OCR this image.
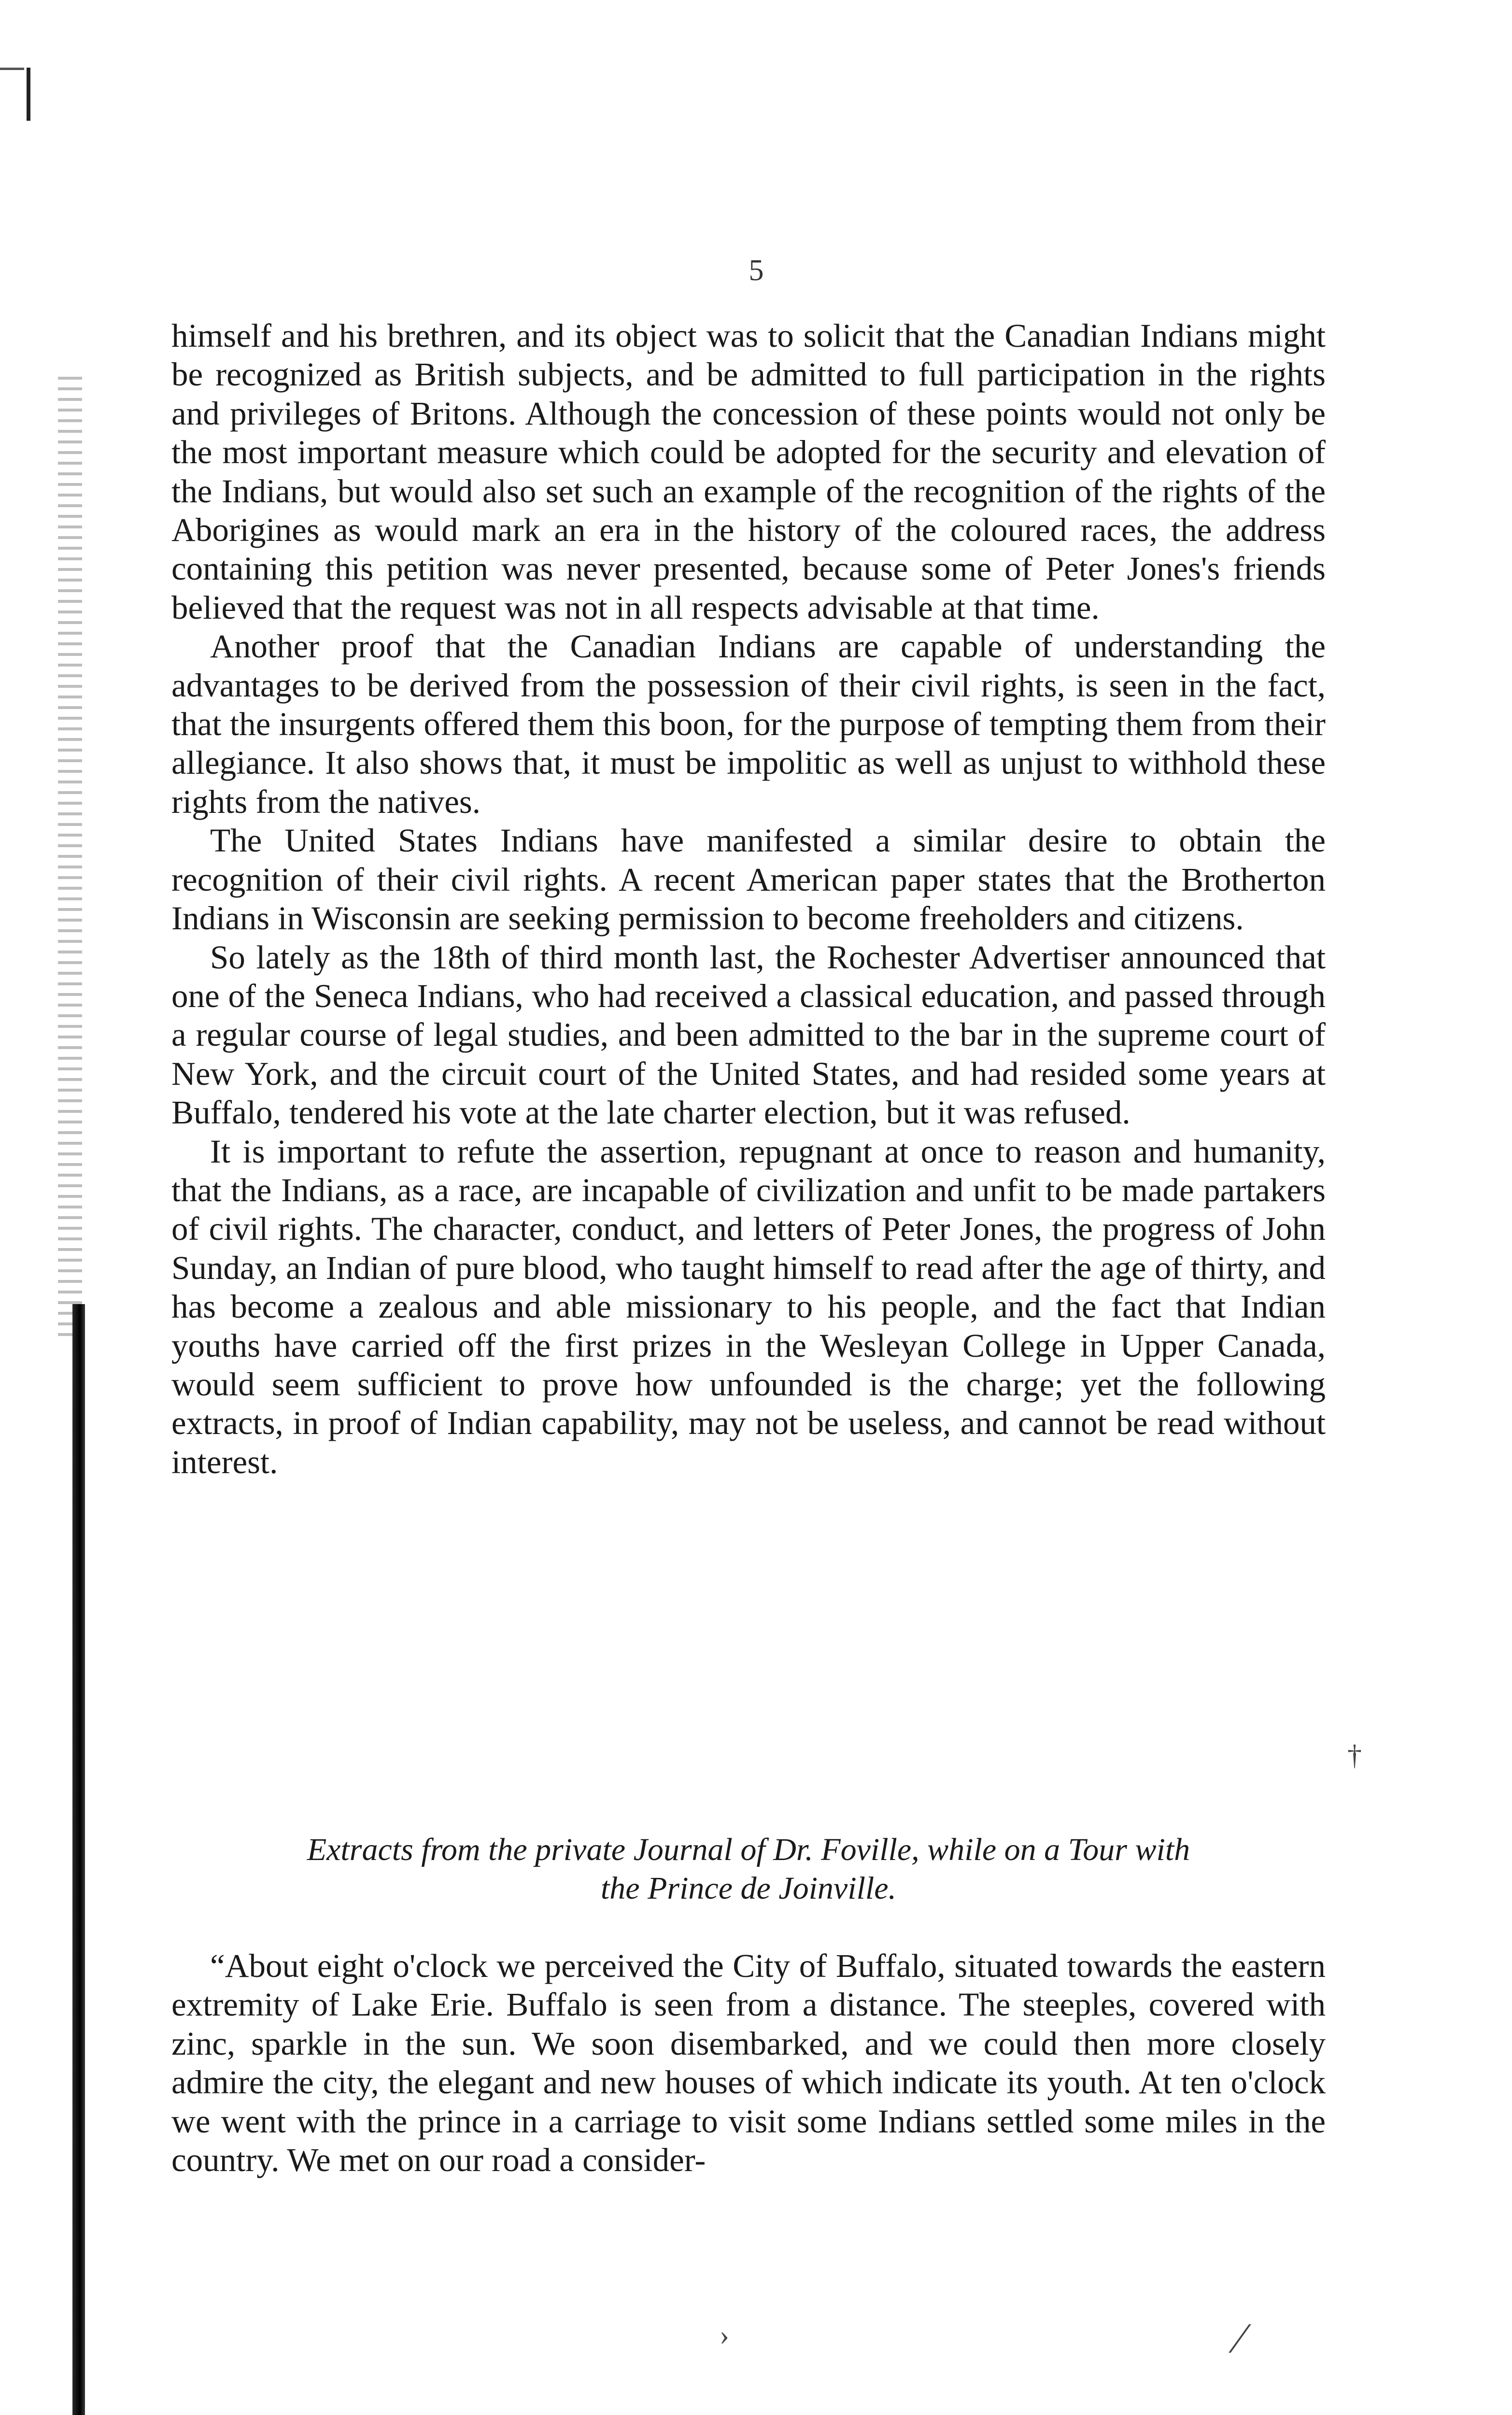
5

himself and his brethren, and its object was to solicit that the Canadian Indians might be recognized as British subjects, and be admitted to full participation in the rights and privileges of Britons. Although the concession of these points would not only be the most important measure which could be adopted for the security and elevation of the Indians, but would also set such an example of the recognition of the rights of the Aborigines as would mark an era in the history of the coloured races, the address containing this petition was never presented, because some of Peter Jones's friends believed that the request was not in all respects advisable at that time.

Another proof that the Canadian Indians are capable of understanding the advantages to be derived from the possession of their civil rights, is seen in the fact, that the insurgents offered them this boon, for the purpose of tempting them from their allegiance. It also shows that, it must be impolitic as well as unjust to withhold these rights from the natives.

The United States Indians have manifested a similar desire to obtain the recognition of their civil rights. A recent American paper states that the Brotherton Indians in Wisconsin are seeking permission to become freeholders and citizens.

So lately as the 18th of third month last, the Rochester Advertiser announced that one of the Seneca Indians, who had received a classical education, and passed through a regular course of legal studies, and been admitted to the bar in the supreme court of New York, and the circuit court of the United States, and had resided some years at Buffalo, tendered his vote at the late charter election, but it was refused.

It is important to refute the assertion, repugnant at once to reason and humanity, that the Indians, as a race, are incapable of civilization and unfit to be made partakers of civil rights. The character, conduct, and letters of Peter Jones, the progress of John Sunday, an Indian of pure blood, who taught himself to read after the age of thirty, and has become a zealous and able missionary to his people, and the fact that Indian youths have carried off the first prizes in the Wesleyan College in Upper Canada, would seem sufficient to prove how unfounded is the charge; yet the following extracts, in proof of Indian capability, may not be useless, and cannot be read without interest.

Extracts from the private Journal of Dr. Foville, while on a Tour with
the Prince de Joinville.

“About eight o'clock we perceived the City of Buffalo, situated towards the eastern extremity of Lake Erie. Buffalo is seen from a distance. The steeples, covered with zinc, sparkle in the sun. We soon disembarked, and we could then more closely admire the city, the elegant and new houses of which indicate its youth. At ten o'clock we went with the prince in a carriage to visit some Indians settled some miles in the country. We met on our road a consider-

†
›	⁄
